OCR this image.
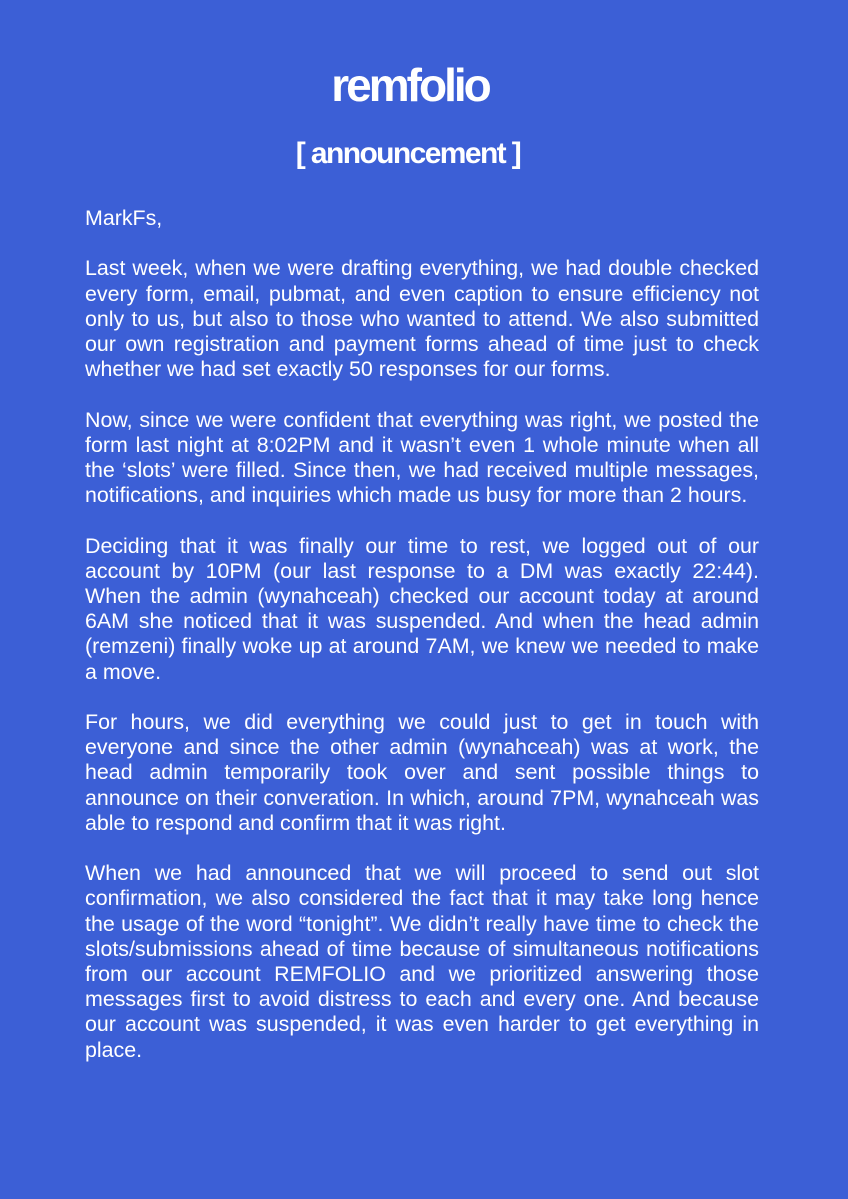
remfolio
[ announcement ]

MarkFs,

Last week, when we were drafting everything, we had double checked every form, email, pubmat, and even caption to ensure efficiency not only to us, but also to those who wanted to attend. We also submitted our own registration and payment forms ahead of time just to check whether we had set exactly 50 responses for our forms.

Now, since we were confident that everything was right, we posted the form last night at 8:02PM and it wasn’t even 1 whole minute when all the ‘slots’ were filled. Since then, we had received multiple messages, notifications, and inquiries which made us busy for more than 2 hours.

Deciding that it was finally our time to rest, we logged out of our account by 10PM (our last response to a DM was exactly 22:44). When the admin (wynahceah) checked our account today at around 6AM she noticed that it was suspended. And when the head admin (remzeni) finally woke up at around 7AM, we knew we needed to make a move.

For hours, we did everything we could just to get in touch with everyone and since the other admin (wynahceah) was at work, the head admin temporarily took over and sent possible things to announce on their converation. In which, around 7PM, wynahceah was able to respond and confirm that it was right.

When we had announced that we will proceed to send out slot confirmation, we also considered the fact that it may take long hence the usage of the word “tonight”. We didn’t really have time to check the slots/submissions ahead of time because of simultaneous notifications from our account REMFOLIO and we prioritized answering those messages first to avoid distress to each and every one. And because our account was suspended, it was even harder to get everything in place.
